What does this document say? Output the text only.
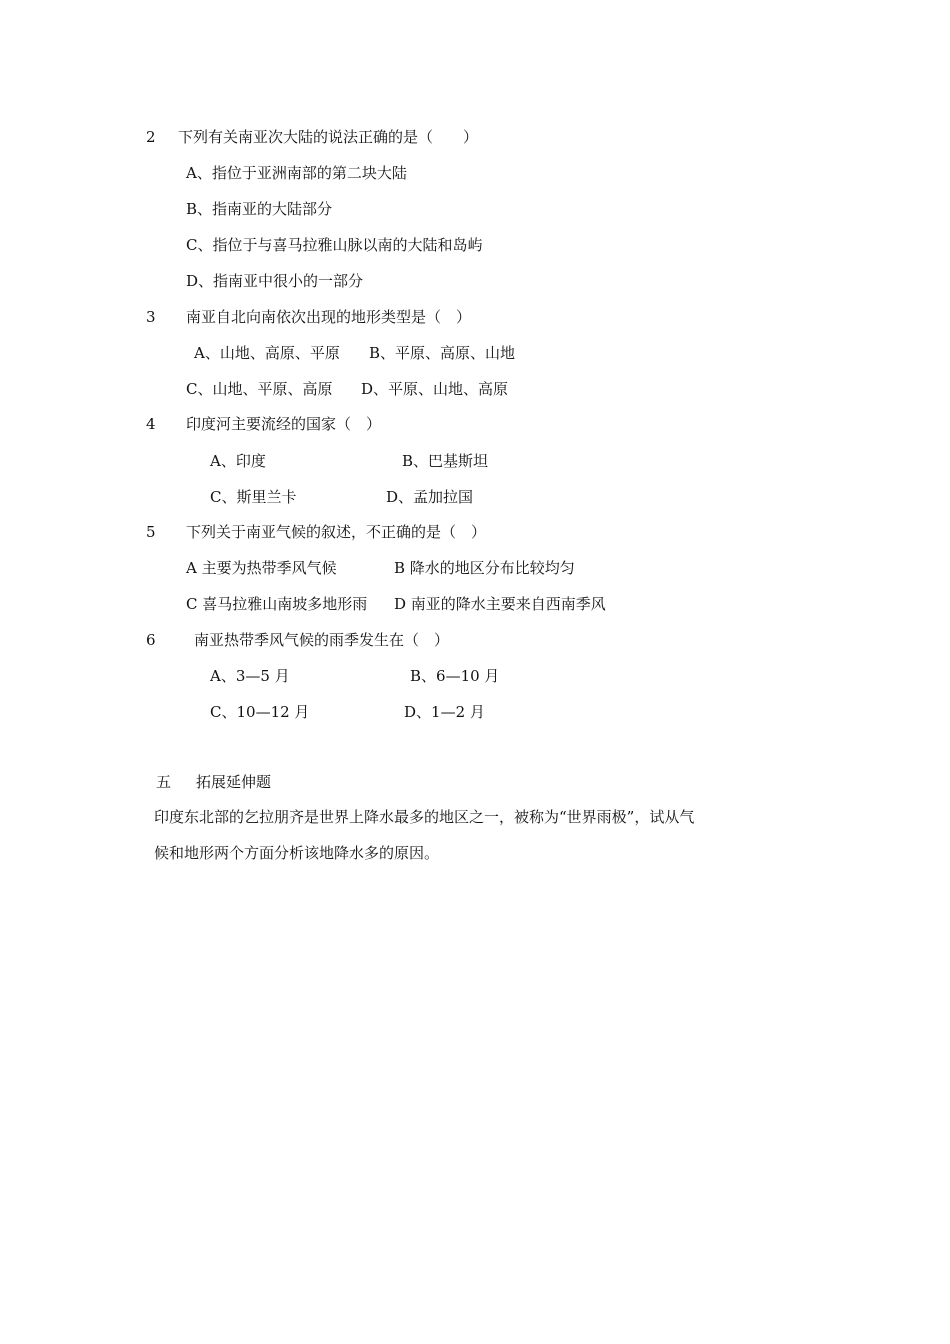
2 下列有关南亚次大陆的说法正确的是（　　）
A、指位于亚洲南部的第二块大陆
B、指南亚的大陆部分
C、指位于与喜马拉雅山脉以南的大陆和岛屿
D、指南亚中很小的一部分
3 南亚自北向南依次出现的地形类型是（　）
A、山地、高原、平原 B、平原、高原、山地
C、山地、平原、高原 D、平原、山地、高原
4 印度河主要流经的国家（　）
A、印度	B、巴基斯坦
C、斯里兰卡	D、孟加拉国
5 下列关于南亚气候的叙述，不正确的是（　）
A 主要为热带季风气候	B 降水的地区分布比较均匀
C 喜马拉雅山南坡多地形雨 D 南亚的降水主要来自西南季风
6	南亚热带季风气候的雨季发生在（　）
A、3—5 月	B、6—10 月
C、10—12 月	D、1—2 月
五 拓展延伸题
印度东北部的乞拉朋齐是世界上降水最多的地区之一，被称为“世界雨极”，试从气
候和地形两个方面分析该地降水多的原因。
